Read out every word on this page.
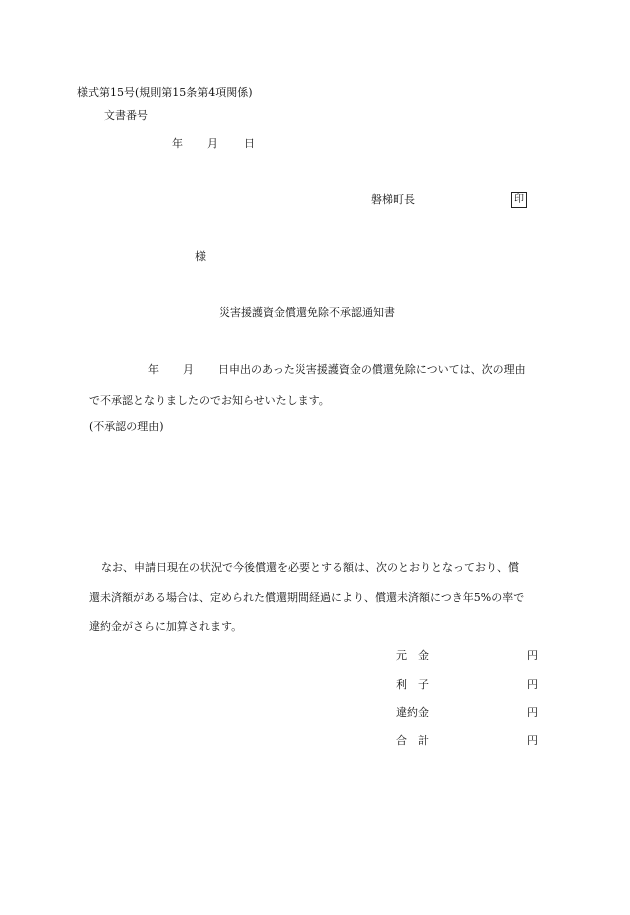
様式第15号(規則第15条第4項関係)
文書番号
年 月 日
磐梯町長	印
様
災害援護資金償還免除不承認通知書
年 月 日申出のあった災害援護資金の償還免除については、次の理由
で不承認となりましたのでお知らせいたします。
(不承認の理由)
なお、申請日現在の状況で今後償還を必要とする額は、次のとおりとなっており、償
還未済額がある場合は、定められた償還期間経過により、償還未済額につき年5%の率で
違約金がさらに加算されます。
元　金	円
利　子	円
違約金	円
合　計	円
